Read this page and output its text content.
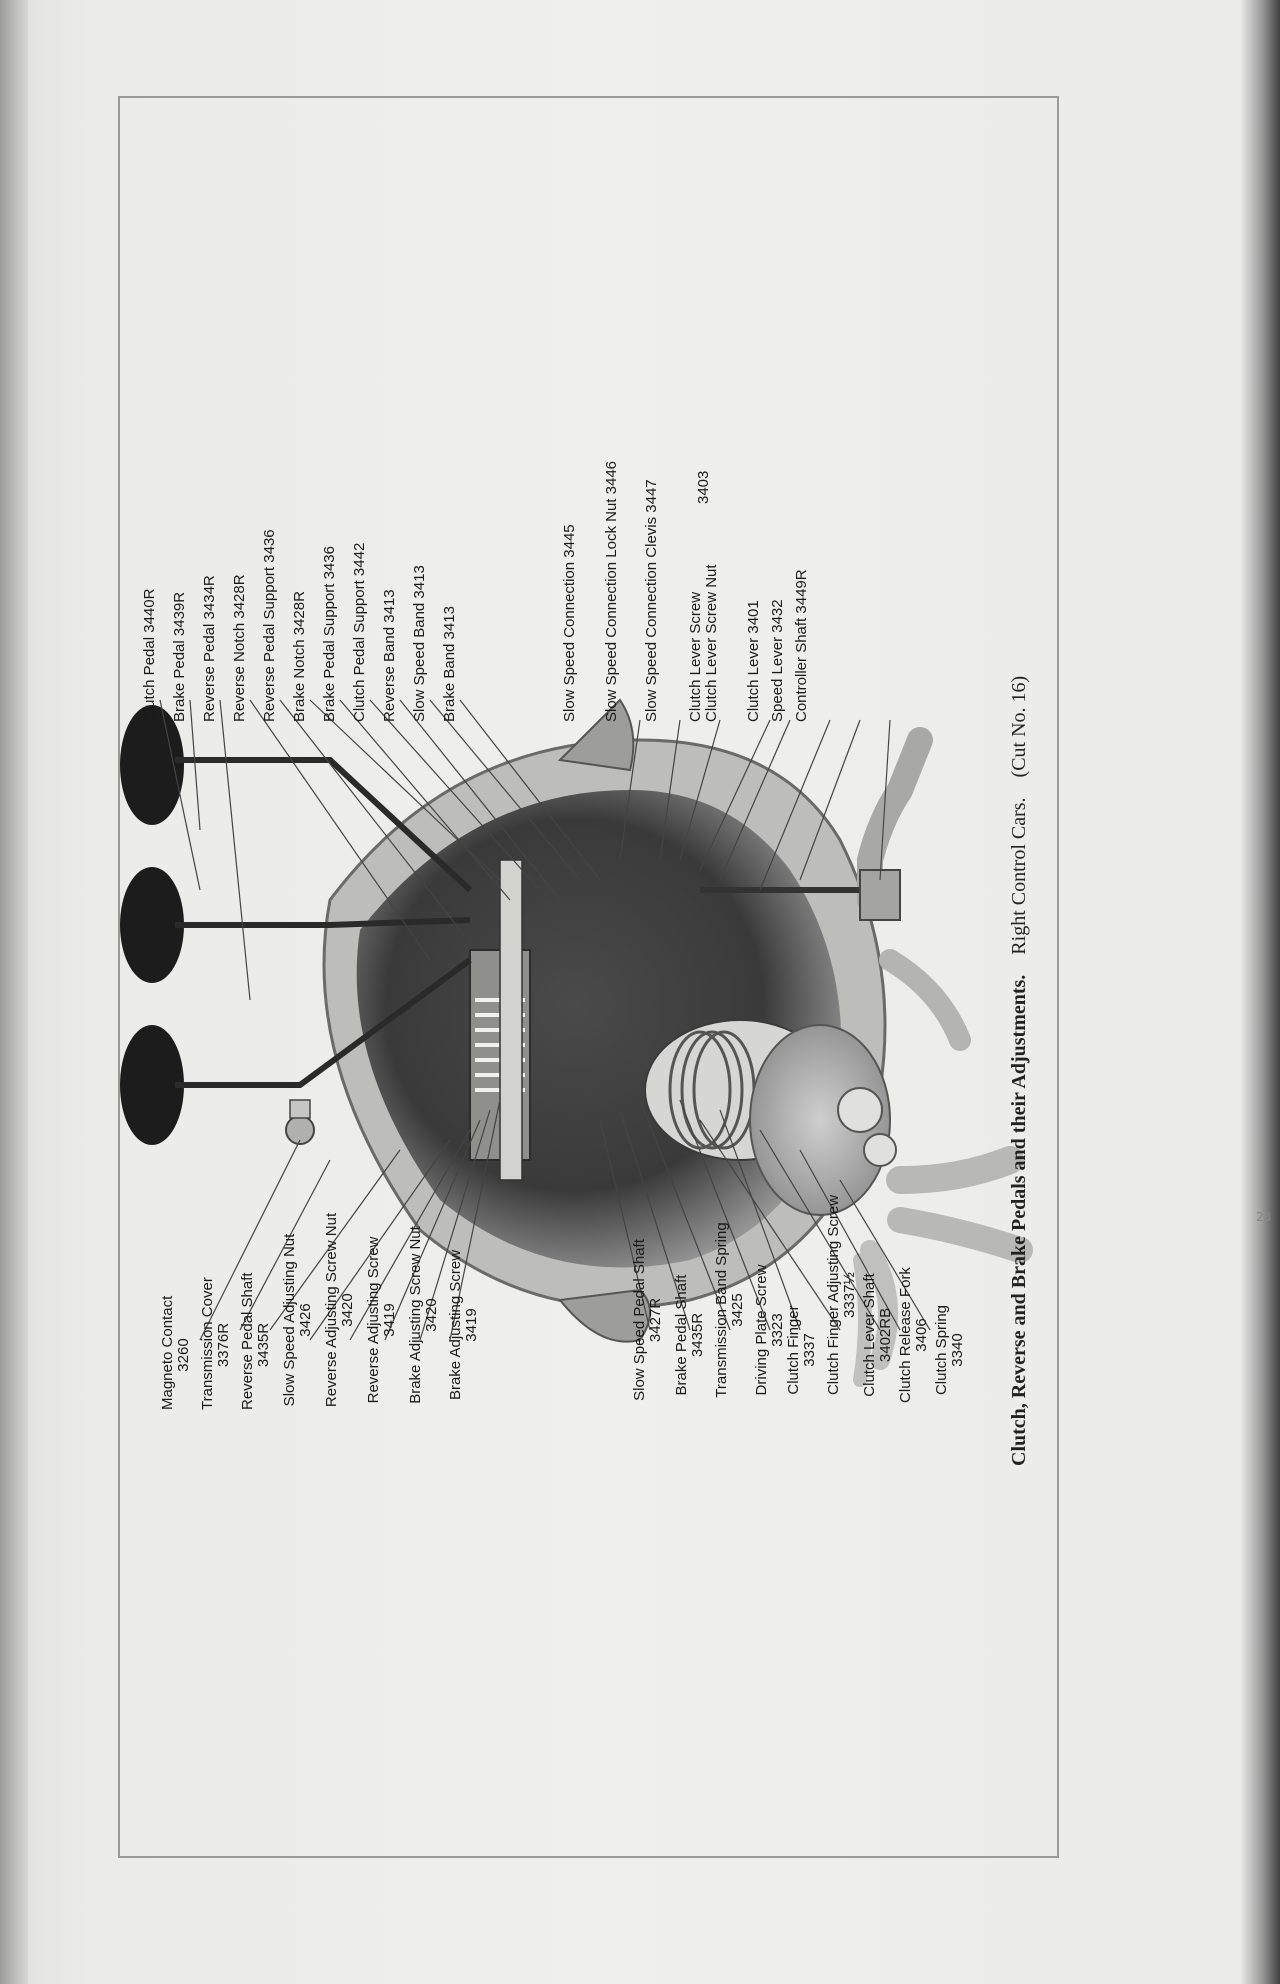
Clutch Pedal 3440R Brake Pedal 3439R Reverse Pedal 3434R Reverse Notch 3428R Reverse Pedal Support 3436 Brake Notch 3428R Brake Pedal Support 3436 Clutch Pedal Support 3442 Reverse Band 3413 Slow Speed Band 3413 Brake Band 3413	Slow Speed Connection 3445 Slow Speed Connection Lock Nut 3446 Slow Speed Connection Clevis 3447 Clutch Lever Screw Clutch Lever Screw Nut
3403
Clutch Lever 3401 Speed Lever 3432 Controller Shaft 3449R
Magneto Contact 3260 Transmission Cover 3376R Reverse Pedal Shaft 3435R Slow Speed Adjusting Nut 3426 Reverse Adjusting Screw Nut 3420 Reverse Adjusting Screw 3419 Brake Adjusting Screw Nut 3420 Brake Adjusting Screw 3419	Slow Speed Pedal Shaft 3427R Brake Pedal Shaft 3435R Transmission Band Spring 3425 Driving Plate Screw 3323 Clutch Finger 3337 Clutch Finger Adjusting Screw 3337½ Clutch Lever Shaft 3402RB Clutch Release Fork 3406 Clutch Spring 3340 Clutch, Reverse and Brake Pedals and their Adjustments.    Right Control Cars.    (Cut No. 16)
23
